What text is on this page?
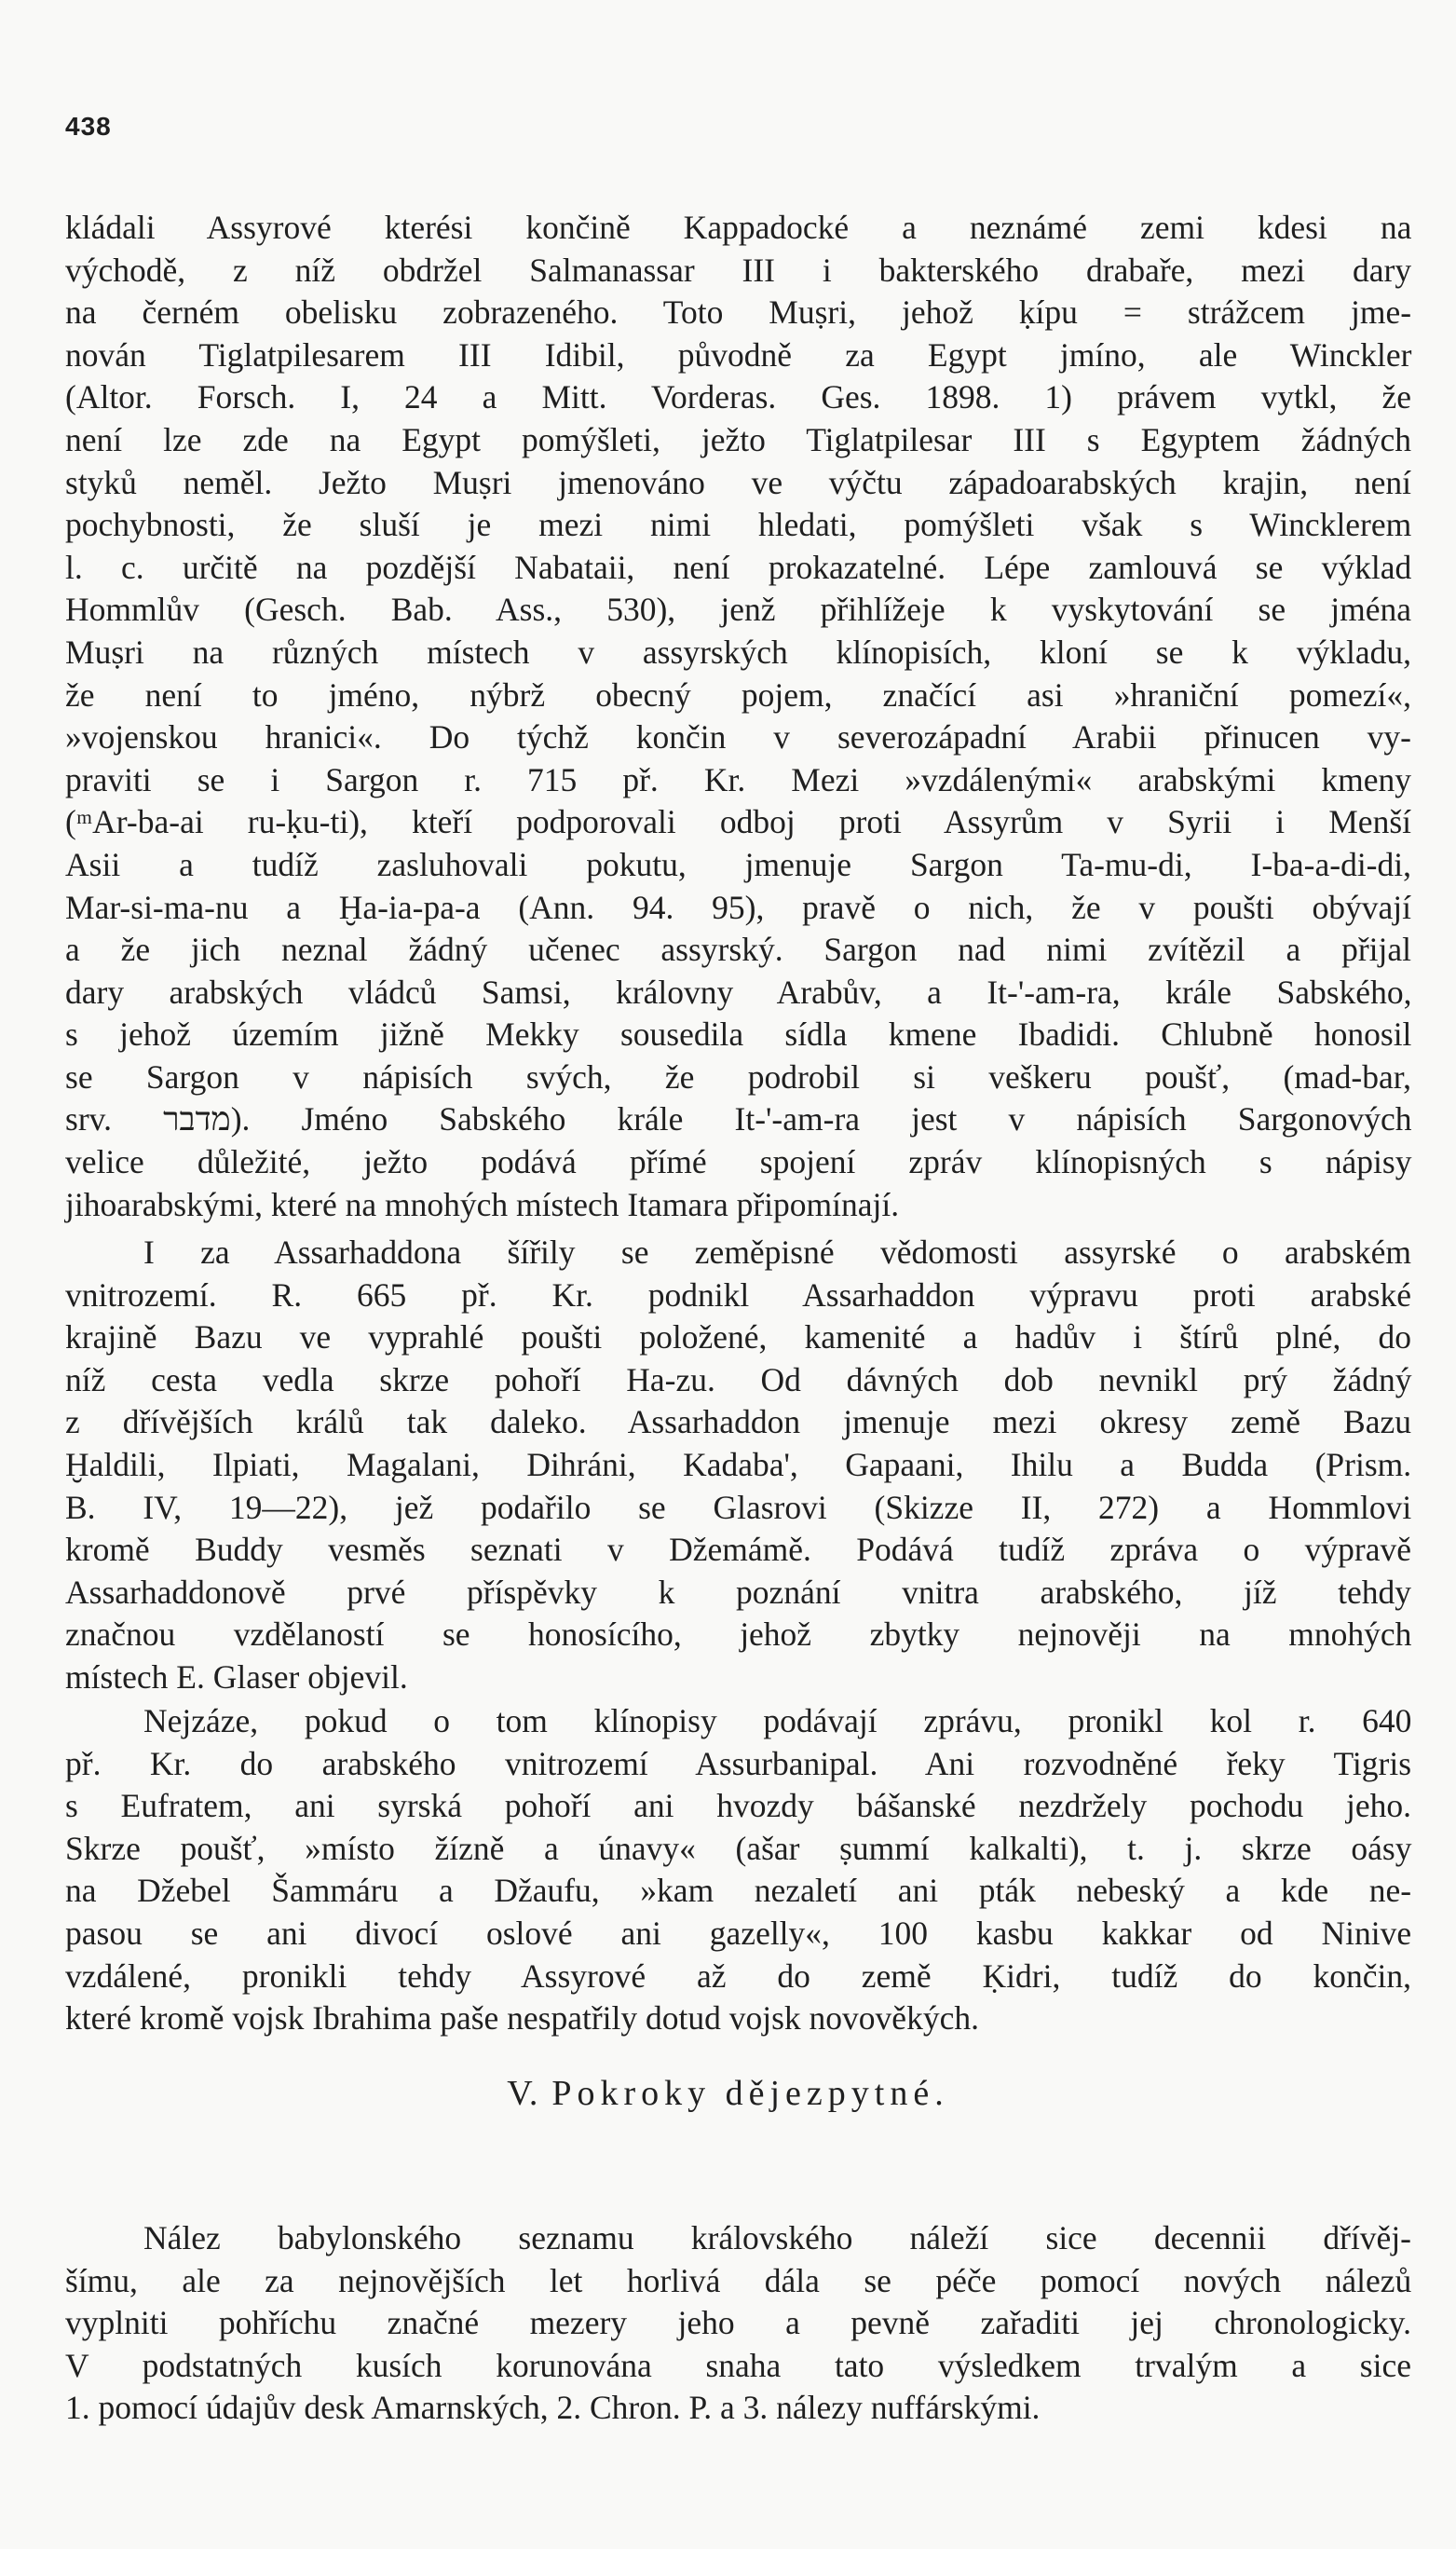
438

kládali Assyrové kterési končině Kappadocké a neznámé zemi kdesi na
východě, z níž obdržel Salmanassar III i bakterského drabaře, mezi dary
na černém obelisku zobrazeného. Toto Muṣri, jehož ḳípu = strážcem jme-
nován Tiglatpilesarem III Idibil, původně za Egypt jmíno, ale Winckler
(Altor. Forsch. I, 24 a Mitt. Vorderas. Ges. 1898. 1) právem vytkl, že
není lze zde na Egypt pomýšleti, ježto Tiglatpilesar III s Egyptem žádných
styků neměl. Ježto Muṣri jmenováno ve výčtu západoarabských krajin, není
pochybnosti, že sluší je mezi nimi hledati, pomýšleti však s Wincklerem
l. c. určitě na pozdější Nabataii, není prokazatelné. Lépe zamlouvá se výklad
Hommlův (Gesch. Bab. Ass., 530), jenž přihlížeje k vyskytování se jména
Muṣri na různých místech v assyrských klínopisích, kloní se k výkladu,
že není to jméno, nýbrž obecný pojem, značící asi »hraniční pomezí«,
»vojenskou hranici«. Do týchž končin v severozápadní Arabii přinucen vy-
praviti se i Sargon r. 715 př. Kr. Mezi »vzdálenými« arabskými kmeny
(ᵐAr-ba-ai ru-ḳu-ti), kteří podporovali odboj proti Assyrům v Syrii i Menší
Asii a tudíž zasluhovali pokutu, jmenuje Sargon Ta-mu-di, I-ba-a-di-di,
Mar-si-ma-nu a Ḫa-ia-pa-a (Ann. 94. 95), pravě o nich, že v poušti obývají
a že jich neznal žádný učenec assyrský. Sargon nad nimi zvítězil a přijal
dary arabských vládců Samsi, královny Arabův, a It-'-am-ra, krále Sabského,
s jehož územím jižně Mekky sousedila sídla kmene Ibadidi. Chlubně honosil
se Sargon v nápisích svých, že podrobil si veškeru poušť, (mad-bar,
srv. מדבר). Jméno Sabského krále It-'-am-ra jest v nápisích Sargonových
velice důležité, ježto podává přímé spojení zpráv klínopisných s nápisy
jihoarabskými, které na mnohých místech Itamara připomínají.

I za Assarhaddona šířily se zeměpisné vědomosti assyrské o arabském
vnitrozemí. R. 665 př. Kr. podnikl Assarhaddon výpravu proti arabské
krajině Bazu ve vyprahlé poušti položené, kamenité a hadův i štírů plné, do
níž cesta vedla skrze pohoří Ha-zu. Od dávných dob nevnikl prý žádný
z dřívějších králů tak daleko. Assarhaddon jmenuje mezi okresy země Bazu
Ḫaldili, Ilpiati, Magalani, Dihráni, Kadaba', Gapaani, Ihilu a Budda (Prism.
B. IV, 19—22), jež podařilo se Glasrovi (Skizze II, 272) a Hommlovi
kromě Buddy vesměs seznati v Džemámě. Podává tudíž zpráva o výpravě
Assarhaddonově prvé příspěvky k poznání vnitra arabského, jíž tehdy
značnou vzdělaností se honosícího, jehož zbytky nejnověji na mnohých
místech E. Glaser objevil.

Nejzáze, pokud o tom klínopisy podávají zprávu, pronikl kol r. 640
př. Kr. do arabského vnitrozemí Assurbanipal. Ani rozvodněné řeky Tigris
s Eufratem, ani syrská pohoří ani hvozdy bášanské nezdržely pochodu jeho.
Skrze poušť, »místo žízně a únavy« (ašar ṣummí kalkalti), t. j. skrze oásy
na Džebel Šammáru a Džaufu, »kam nezaletí ani pták nebeský a kde ne-
pasou se ani divocí oslové ani gazelly«, 100 kasbu kakkar od Ninive
vzdálené, pronikli tehdy Assyrové až do země Ḳidri, tudíž do končin,
které kromě vojsk Ibrahima paše nespatřily dotud vojsk novověkých.

V. Pokroky dějezpytné.

Nález babylonského seznamu královského náleží sice decennii dřívěj-
šímu, ale za nejnovějších let horlivá dála se péče pomocí nových nálezů
vyplniti pohříchu značné mezery jeho a pevně zařaditi jej chronologicky.
V podstatných kusích korunována snaha tato výsledkem trvalým a sice
1. pomocí údajův desk Amarnských, 2. Chron. P. a 3. nálezy nuffárskými.
